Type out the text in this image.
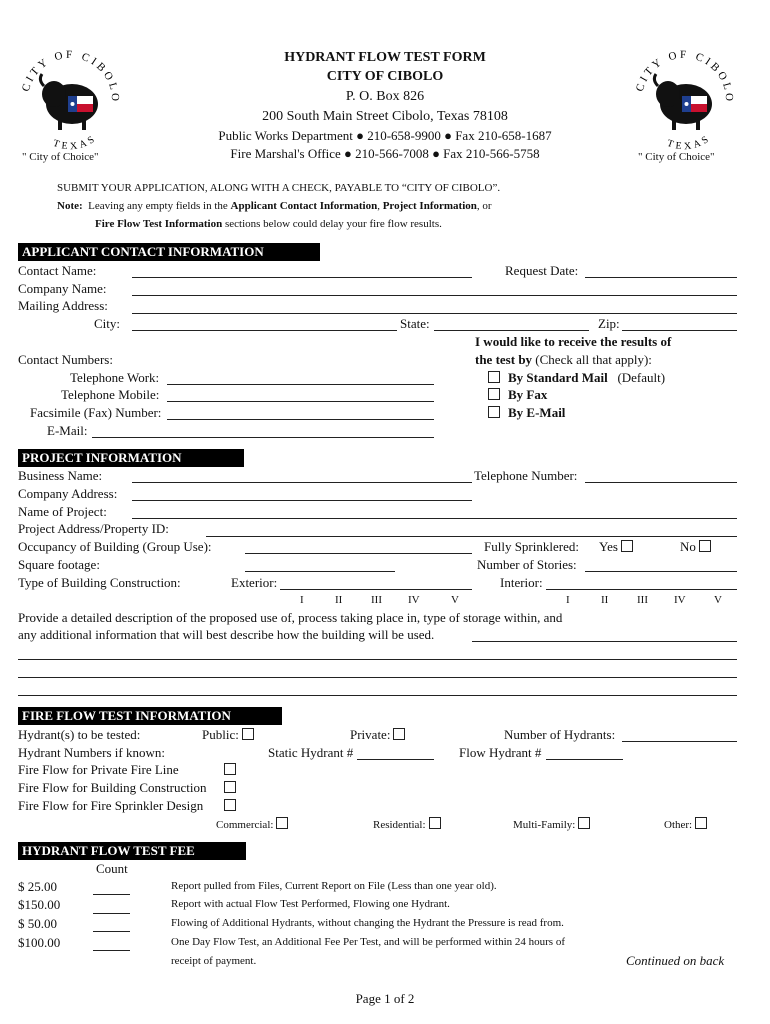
CITY OF CIBOLO
TEXAS
" City of Choice"
CITY OF CIBOLO
TEXAS
" City of Choice"
HYDRANT FLOW TEST FORM
CITY OF CIBOLO
P. O. Box 826
200 South Main Street Cibolo, Texas 78108
Public Works Department ● 210-658-9900 ● Fax 210-658-1687
Fire Marshal's Office ● 210-566-7008 ● Fax 210-566-5758
SUBMIT YOUR APPLICATION, ALONG WITH A CHECK, PAYABLE TO “CITY OF CIBOLO”.
Note: Leaving any empty fields in the Applicant Contact Information, Project Information, or
Fire Flow Test Information sections below could delay your fire flow results.
APPLICANT CONTACT INFORMATION
Contact Name:	Request Date:
Company Name:
Mailing Address:
City:	State:	Zip:
I would like to receive the results of
the test by (Check all that apply):
Contact Numbers:
Telephone Work:	By Standard Mail (Default)
Telephone Mobile:	By Fax
Facsimile (Fax) Number:	By E-Mail
E-Mail:
PROJECT INFORMATION
Business Name:	Telephone Number:
Company Address:
Name of Project:
Project Address/Property ID:
Occupancy of Building (Group Use):	Fully Sprinklered: Yes	No
Square footage:	Number of Stories:
Type of Building Construction:	Exterior:	Interior:
I	II	III IV	V	I	II	III IV	V
Provide a detailed description of the proposed use of, process taking place in, type of storage within, and
any additional information that will best describe how the building will be used.
FIRE FLOW TEST INFORMATION
Hydrant(s) to be tested:	Public:	Private:	Number of Hydrants:
Hydrant Numbers if known:	Static Hydrant #	Flow Hydrant #
Fire Flow for Private Fire Line
Fire Flow for Building Construction
Fire Flow for Fire Sprinkler Design
Commercial:	Residential:	Multi-Family:	Other:
HYDRANT FLOW TEST FEE
Count
$ 25.00	Report pulled from Files, Current Report on File (Less than one year old).
$150.00	Report with actual Flow Test Performed, Flowing one Hydrant.
$ 50.00	Flowing of Additional Hydrants, without changing the Hydrant the Pressure is read from.
$100.00	One Day Flow Test, an Additional Fee Per Test, and will be performed within 24 hours of
receipt of payment.	Continued on back
Page 1 of 2
